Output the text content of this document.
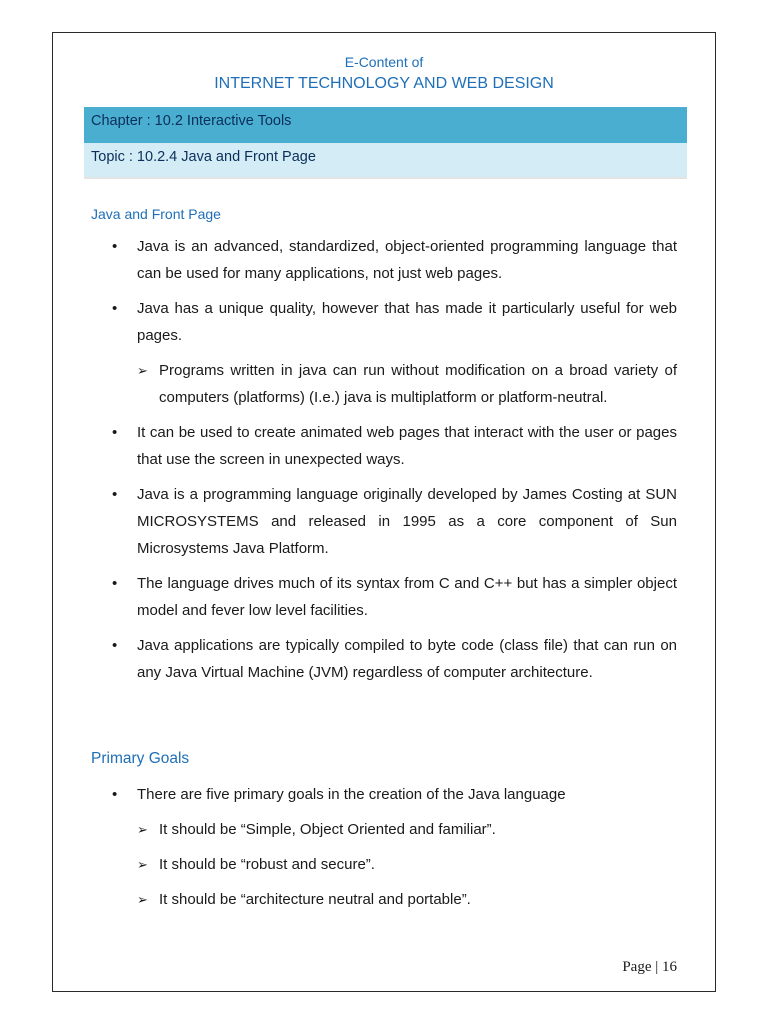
E-Content of
INTERNET TECHNOLOGY AND WEB DESIGN
Chapter : 10.2 Interactive Tools
Topic : 10.2.4 Java and Front Page
Java and Front Page
• Java is an advanced, standardized, object-oriented programming language that can be used for many applications, not just web pages.
• Java has a unique quality, however that has made it particularly useful for web pages.
➢ Programs written in java can run without modification on a broad variety of computers (platforms) (I.e.) java is multiplatform or platform-neutral.
• It can be used to create animated web pages that interact with the user or pages that use the screen in unexpected ways.
• Java is a programming language originally developed by James Costing at SUN MICROSYSTEMS and released in 1995 as a core component of Sun Microsystems Java Platform.
• The language drives much of its syntax from C and C++ but has a simpler object model and fever low level facilities.
• Java applications are typically compiled to byte code (class file) that can run on any Java Virtual Machine (JVM) regardless of computer architecture.
Primary Goals
• There are five primary goals in the creation of the Java language
➢ It should be “Simple, Object Oriented and familiar”.
➢ It should be “robust and secure”.
➢ It should be “architecture neutral and portable”.
Page | 16
